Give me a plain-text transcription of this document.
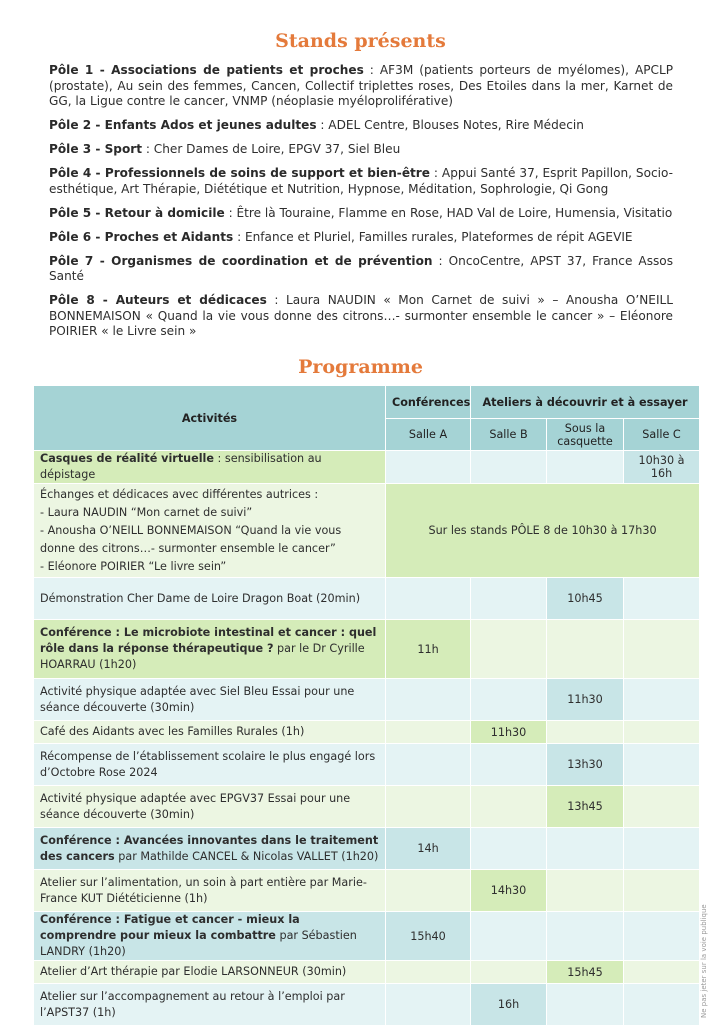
Stands présents

Pôle 1 - Associations de patients et proches : AF3M (patients porteurs de myélomes), APCLP (prostate), Au sein des femmes, Cancen, Collectif triplettes roses, Des Etoiles dans la mer, Karnet de GG, la Ligue contre le cancer, VNMP (néoplasie myéloproliférative)

Pôle 2 - Enfants Ados et jeunes adultes : ADEL Centre, Blouses Notes, Rire Médecin

Pôle 3 - Sport : Cher Dames de Loire, EPGV 37, Siel Bleu

Pôle 4 - Professionnels de soins de support et bien-être : Appui Santé 37, Esprit Papillon, Socio-esthétique, Art Thérapie, Diététique et Nutrition, Hypnose, Méditation, Sophrologie, Qi Gong

Pôle 5 - Retour à domicile : Être là Touraine, Flamme en Rose, HAD Val de Loire, Humensia, Visitatio

Pôle 6 - Proches et Aidants : Enfance et Pluriel, Familles rurales, Plateformes de répit AGEVIE

Pôle 7 - Organismes de coordination et de prévention : OncoCentre, APST 37, France Assos Santé

Pôle 8 - Auteurs et dédicaces : Laura NAUDIN « Mon Carnet de suivi » – Anousha O’NEILL BONNEMAISON « Quand la vie vous donne des citrons…- surmonter ensemble le cancer » – Eléonore POIRIER « le Livre sein »

Programme
Activités	Conférences	Ateliers à découvrir et à essayer		
	Salle A	Salle B	Sous la casquette	Salle C
Casques de réalité virtuelle : sensibilisation au dépistage				10h30 à 16h

Échanges et dédicaces avec différentes autrices :
- Laura NAUDIN “Mon carnet de suivi”
- Anousha O’NEILL BONNEMAISON “Quand la vie vous donne des citrons…- surmonter ensemble le cancer”
- Eléonore POIRIER “Le livre sein”	Sur les stands PÔLE 8 de 10h30 à 17h30			
Démonstration Cher Dame de Loire Dragon Boat (20min)			10h45	
Conférence : Le microbiote intestinal et cancer : quel rôle dans la réponse thérapeutique ? par le Dr Cyrille HOARRAU (1h20)	11h			
Activité physique adaptée avec Siel Bleu Essai pour une séance découverte (30min)			11h30	
Café des Aidants avec les Familles Rurales (1h)		11h30		
Récompense de l’établissement scolaire le plus engagé lors d’Octobre Rose 2024			13h30	
Activité physique adaptée avec EPGV37 Essai pour une séance découverte (30min)			13h45	
Conférence : Avancées innovantes dans le traitement des cancers par Mathilde CANCEL & Nicolas VALLET (1h20)	14h			
Atelier sur l’alimentation, un soin à part entière par Marie-France KUT Diététicienne (1h)		14h30		
Conférence : Fatigue et cancer - mieux la comprendre pour mieux la combattre par Sébastien LANDRY (1h20)	15h40			
Atelier d’Art thérapie par Elodie LARSONNEUR (30min)			15h45	
Atelier sur l’accompagnement au retour à l’emploi par l’APST37 (1h)		16h			Ne pas jeter sur la voie publique
